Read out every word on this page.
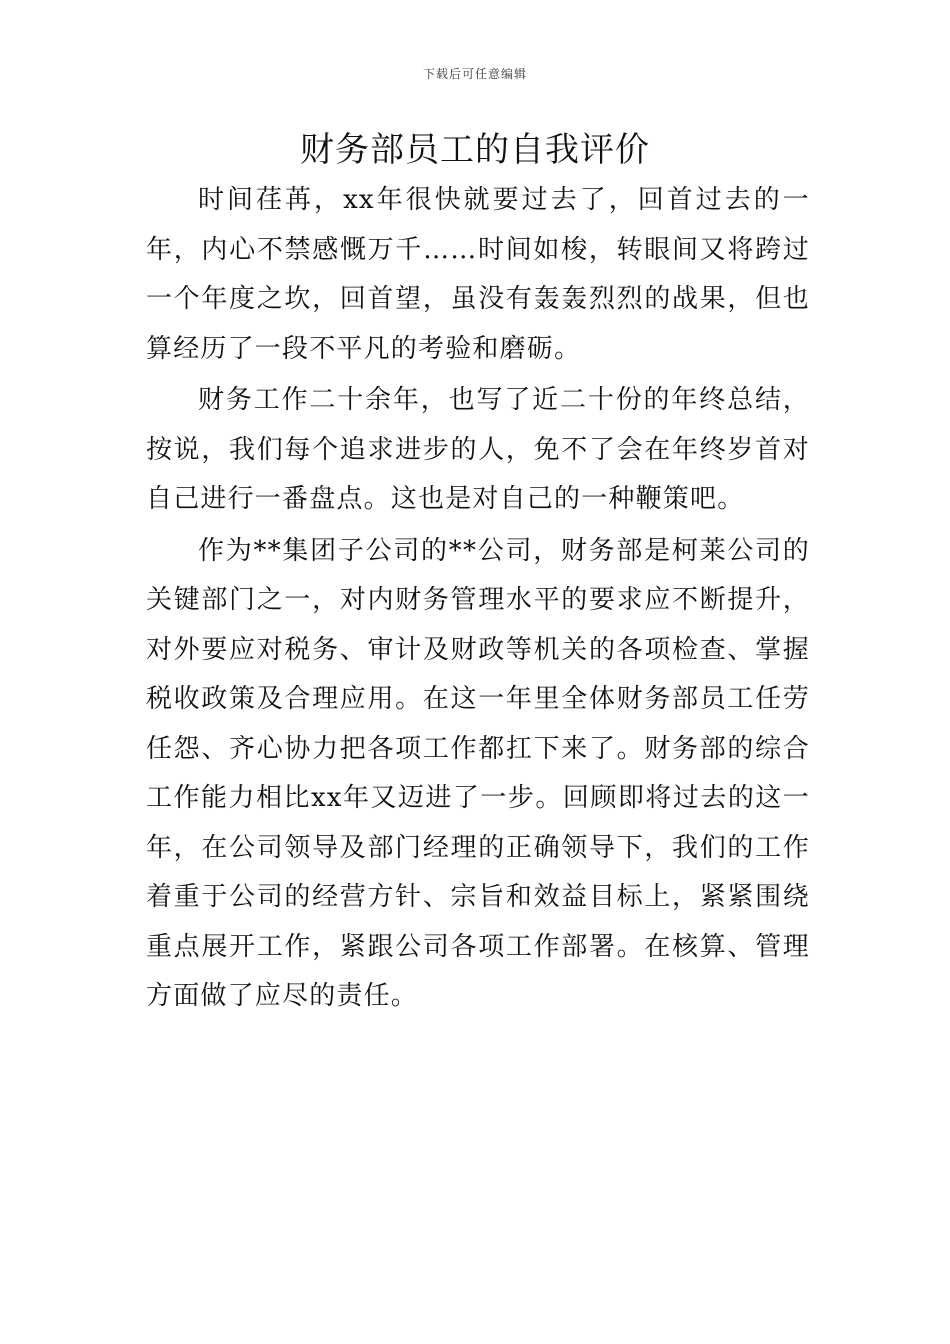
下载后可任意编辑
财务部员工的自我评价

时间荏苒，xx年很快就要过去了，回首过去的一年，内心不禁感慨万千……时间如梭，转眼间又将跨过一个年度之坎，回首望，虽没有轰轰烈烈的战果，但也算经历了一段不平凡的考验和磨砺。

财务工作二十余年，也写了近二十份的年终总结，按说，我们每个追求进步的人，免不了会在年终岁首对自己进行一番盘点。这也是对自己的一种鞭策吧。

作为**集团子公司的**公司，财务部是柯莱公司的关键部门之一，对内财务管理水平的要求应不断提升，对外要应对税务、审计及财政等机关的各项检查、掌握税收政策及合理应用。在这一年里全体财务部员工任劳任怨、齐心协力把各项工作都扛下来了。财务部的综合工作能力相比xx年又迈进了一步。回顾即将过去的这一年，在公司领导及部门经理的正确领导下，我们的工作着重于公司的经营方针、宗旨和效益目标上，紧紧围绕重点展开工作，紧跟公司各项工作部署。在核算、管理方面做了应尽的责任。
